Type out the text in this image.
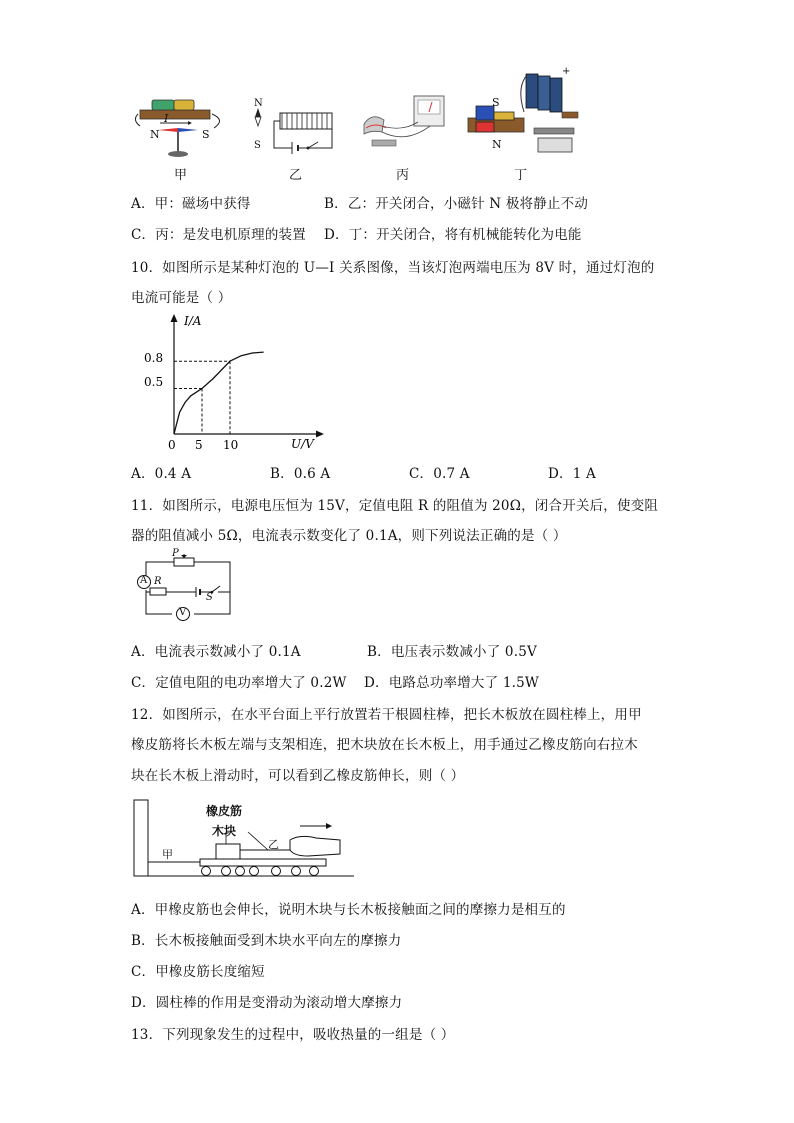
N	S
I
N
S
+
S
N
甲	乙	丙	丁
A．甲：磁场中获得	B．乙：开关闭合，小磁针 N 极将静止不动
C．丙：是发电机原理的装置 D．丁：开关闭合，将有机械能转化为电能
10．如图所示是某种灯泡的 U—I 关系图像，当该灯泡两端电压为 8V 时，通过灯泡的
电流可能是（ ）
I/A
U/V
0 5 10
0.8
0.5
A．0.4 A	B．0.6 A	C．0.7 A	D．1 A
11．如图所示，电源电压恒为 15V，定值电阻 R 的阻值为 20Ω，闭合开关后，使变阻
器的阻值减小 5Ω，电流表示数变化了 0.1A，则下列说法正确的是（ ）
A
V
R
P
S
A．电流表示数减小了 0.1A	B．电压表示数减小了 0.5V
C．定值电阻的电功率增大了 0.2W D．电路总功率增大了 1.5W
12．如图所示，在水平台面上平行放置若干根圆柱棒，把长木板放在圆柱棒上，用甲
橡皮筋将长木板左端与支架相连，把木块放在长木板上，用手通过乙橡皮筋向右拉木
块在长木板上滑动时，可以看到乙橡皮筋伸长，则（ ）
橡皮筋
木块
甲
乙
A．甲橡皮筋也会伸长，说明木块与长木板接触面之间的摩擦力是相互的
B．长木板接触面受到木块水平向左的摩擦力
C．甲橡皮筋长度缩短
D．圆柱棒的作用是变滑动为滚动增大摩擦力
13．下列现象发生的过程中，吸收热量的一组是（ ）
